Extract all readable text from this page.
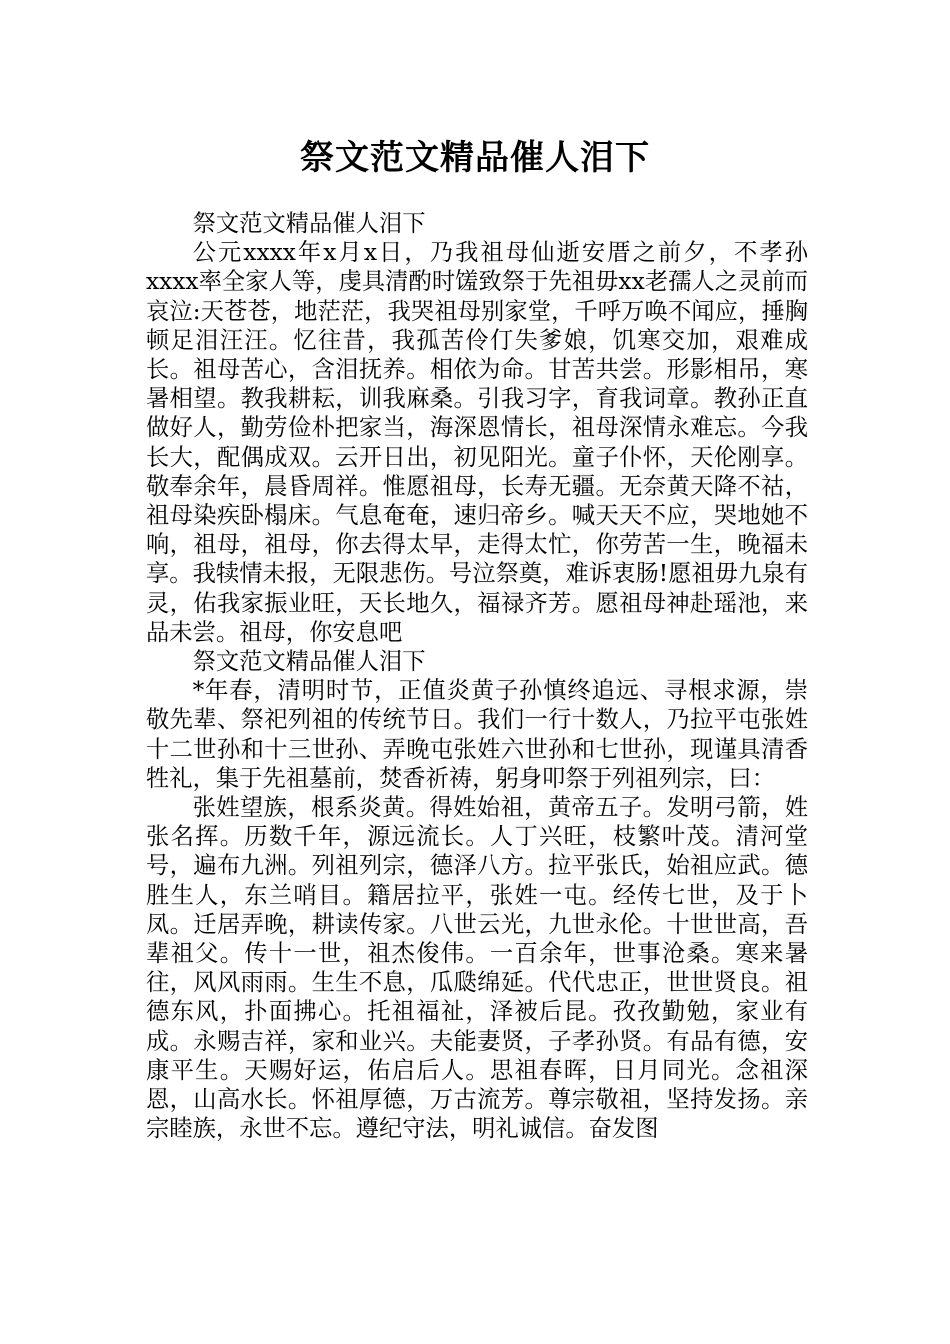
祭文范文精品催人泪下

祭文范文精品催人泪下

公元xxxx年x月x日，乃我祖母仙逝安厝之前夕，不孝孙xxxx率全家人等，虔具清酌时馐致祭于先祖毋xx老孺人之灵前而哀泣:天苍苍，地茫茫，我哭祖母别家堂，千呼万唤不闻应，捶胸顿足泪汪汪。忆往昔，我孤苦伶仃失爹娘，饥寒交加，艰难成长。祖母苦心，含泪抚养。相依为命。甘苦共尝。形影相吊，寒暑相望。教我耕耘，训我麻桑。引我习字，育我词章。教孙正直做好人，勤劳俭朴把家当，海深恩情长，祖母深情永难忘。今我长大，配偶成双。云开日出，初见阳光。童子仆怀，天伦刚享。敬奉余年，晨昏周祥。惟愿祖母，长寿无疆。无奈黄天降不祜，祖母染疾卧榻床。气息奄奄，速归帝乡。喊天天不应，哭地她不响，祖母，祖母，你去得太早，走得太忙，你劳苦一生，晚福未享。我犊情未报，无限悲伤。号泣祭奠，难诉衷肠!愿祖毋九泉有灵，佑我家振业旺，天长地久，福禄齐芳。愿祖母神赴瑶池，来品未尝。祖母，你安息吧

祭文范文精品催人泪下

*年春，清明时节，正值炎黄子孙慎终追远、寻根求源，崇敬先辈、祭祀列祖的传统节日。我们一行十数人，乃拉平屯张姓十二世孙和十三世孙、弄晚屯张姓六世孙和七世孙，现谨具清香牲礼，集于先祖墓前，焚香祈祷，躬身叩祭于列祖列宗，曰：

张姓望族，根系炎黄。得姓始祖，黄帝五子。发明弓箭，姓张名挥。历数千年，源远流长。人丁兴旺，枝繁叶茂。清河堂号，遍布九洲。列祖列宗，德泽八方。拉平张氏，始祖应武。德胜生人，东兰哨目。籍居拉平，张姓一屯。经传七世，及于卜凤。迁居弄晚，耕读传家。八世云光，九世永伦。十世世高，吾辈祖父。传十一世，祖杰俊伟。一百余年，世事沧桑。寒来暑往，风风雨雨。生生不息，瓜瓞绵延。代代忠正，世世贤良。祖德东风，扑面拂心。托祖福祉，泽被后昆。孜孜勤勉，家业有成。永赐吉祥，家和业兴。夫能妻贤，子孝孙贤。有品有德，安康平生。天赐好运，佑启后人。思祖春晖，日月同光。念祖深恩，山高水长。怀祖厚德，万古流芳。尊宗敬祖，坚持发扬。亲宗睦族，永世不忘。遵纪守法，明礼诚信。奋发图
